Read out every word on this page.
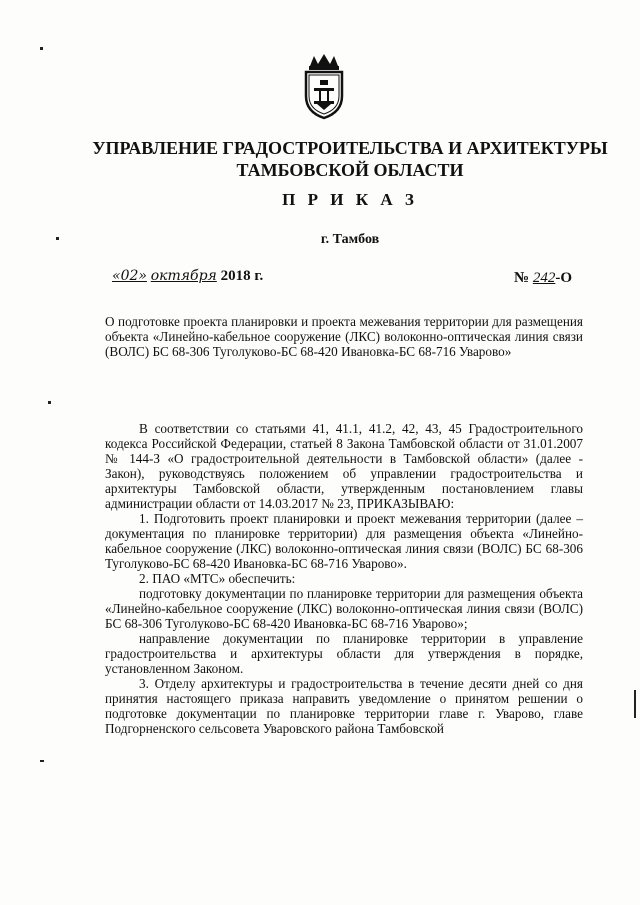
УПРАВЛЕНИЕ ГРАДОСТРОИТЕЛЬСТВА И АРХИТЕКТУРЫ
ТАМБОВСКОЙ ОБЛАСТИ
П Р И К А З
г. Тамбов
«02» октября 2018 г.	№ 242-О
О подготовке проекта планировки и проекта межевания территории для размещения объекта «Линейно-кабельное сооружение (ЛКС) волоконно-оптическая линия связи (ВОЛС) БС 68-306 Туголуково-БС 68-420 Ивановка-БС 68-716 Уварово»

В соответствии со статьями 41, 41.1, 41.2, 42, 43, 45 Градостроительного кодекса Российской Федерации, статьей 8 Закона Тамбовской области от 31.01.2007 № 144-З «О градостроительной деятельности в Тамбовской области» (далее - Закон), руководствуясь положением об управлении градостроительства и архитектуры Тамбовской области, утвержденным постановлением главы администрации области от 14.03.2017 № 23, ПРИКАЗЫВАЮ:

1. Подготовить проект планировки и проект межевания территории (далее – документация по планировке территории) для размещения объекта «Линейно-кабельное сооружение (ЛКС) волоконно-оптическая линия связи (ВОЛС) БС 68-306 Туголуково-БС 68-420 Ивановка-БС 68-716 Уварово».

2. ПАО «МТС» обеспечить:

подготовку документации по планировке территории для размещения объекта «Линейно-кабельное сооружение (ЛКС) волоконно-оптическая линия связи (ВОЛС) БС 68-306 Туголуково-БС 68-420 Ивановка-БС 68-716 Уварово»;

направление документации по планировке территории в управление градостроительства и архитектуры области для утверждения в порядке, установленном Законом.

3. Отделу архитектуры и градостроительства в течение десяти дней со дня принятия настоящего приказа направить уведомление о принятом решении о подготовке документации по планировке территории главе г. Уварово, главе Подгорненского сельсовета Уваровского района Тамбовской
